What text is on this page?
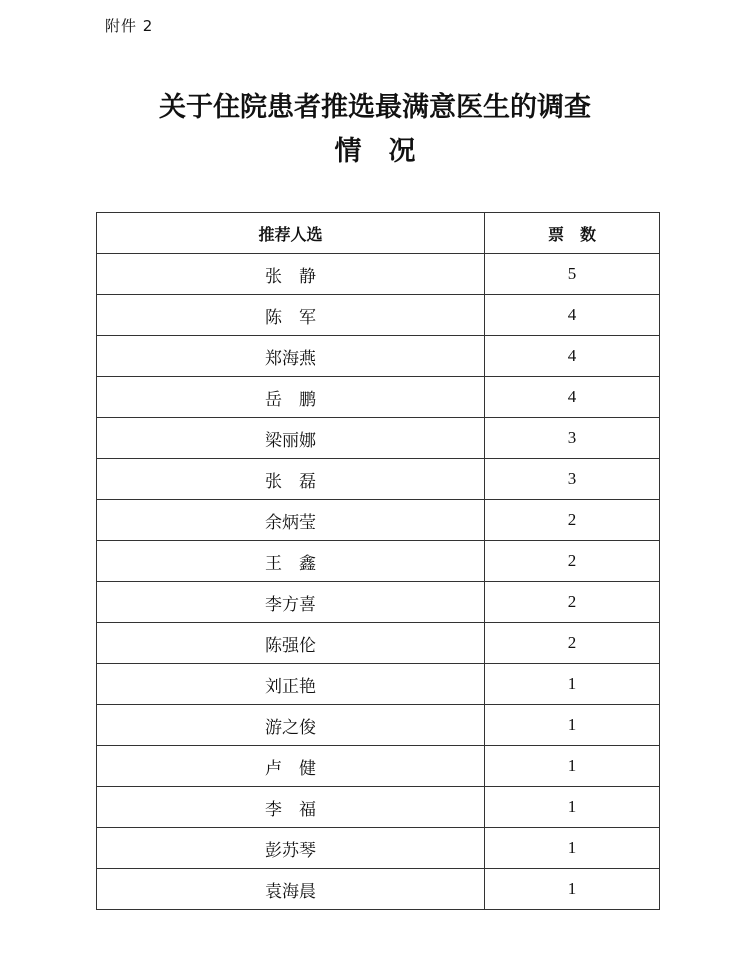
附件 2
关于住院患者推选最满意医生的调查
情　况
推荐人选	票　数
张　静	5
陈　军	4
郑海燕	4
岳　鹏	4
梁丽娜	3
张　磊	3
余炳莹	2
王　鑫	2
李方喜	2
陈强伦	2
刘正艳	1
游之俊	1
卢　健	1
李　福	1
彭苏琴	1
袁海晨	1
